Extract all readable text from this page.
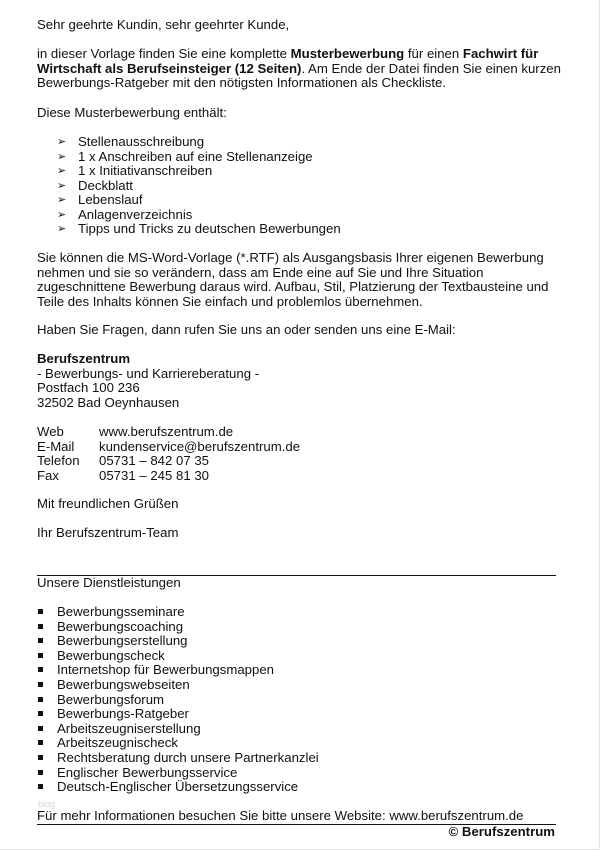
Sehr geehrte Kundin, sehr geehrter Kunde,

in dieser Vorlage finden Sie eine komplette Musterbewerbung für einen Fachwirt für Wirtschaft als Berufseinsteiger (12 Seiten). Am Ende der Datei finden Sie einen kurzen Bewerbungs-Ratgeber mit den nötigsten Informationen als Checkliste.

Diese Musterbewerbung enthält:

➢ Stellenausschreibung
➢ 1 x Anschreiben auf eine Stellenanzeige
➢ 1 x Initiativanschreiben
➢ Deckblatt
➢ Lebenslauf
➢ Anlagenverzeichnis
➢ Tipps und Tricks zu deutschen Bewerbungen

Sie können die MS-Word-Vorlage (*.RTF) als Ausgangsbasis Ihrer eigenen Bewerbung nehmen und sie so verändern, dass am Ende eine auf Sie und Ihre Situation zugeschnittene Bewerbung daraus wird. Aufbau, Stil, Platzierung der Textbausteine und Teile des Inhalts können Sie einfach und problemlos übernehmen.

Haben Sie Fragen, dann rufen Sie uns an oder senden uns eine E-Mail:

Berufszentrum
- Bewerbungs- und Karriereberatung -
Postfach 100 236
32502 Bad Oeynhausen
Web	www.berufszentrum.de
E-Mail	kundenservice@berufszentrum.de
Telefon	05731 – 842 07 35
Fax	05731 – 245 81 30

Mit freundlichen Grüßen

Ihr Berufszentrum-Team

Unsere Dienstleistungen

Bewerbungsseminare
Bewerbungscoaching
Bewerbungserstellung
Bewerbungscheck
Internetshop für Bewerbungsmappen
Bewerbungswebseiten
Bewerbungsforum
Bewerbungs-Ratgeber
Arbeitszeugniserstellung
Arbeitszeugnischeck
Rechtsberatung durch unsere Partnerkanzlei
Englischer Bewerbungsservice
Deutsch-Englischer Übersetzungsservice
blog

Für mehr Informationen besuchen Sie bitte unsere Website: www.berufszentrum.de

© Berufszentrum
